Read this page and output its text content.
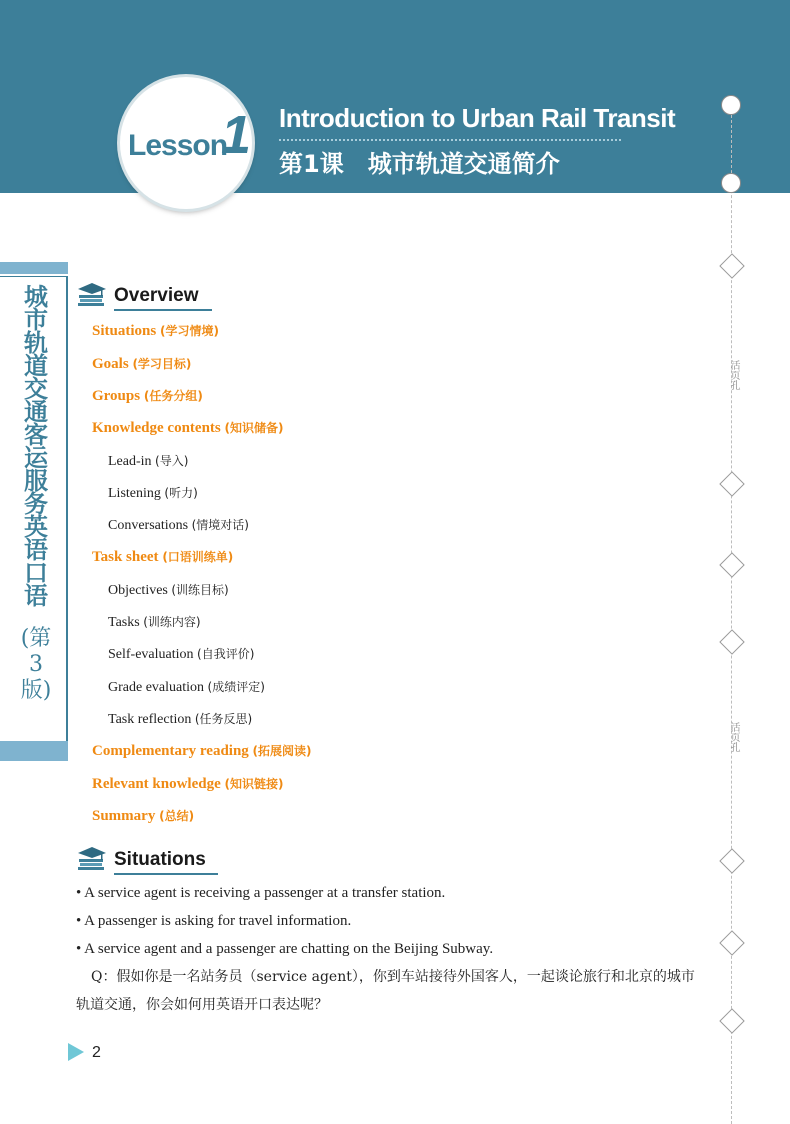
Lesson
1 Introduction to Urban Rail Transit
第1课　城市轨道交通简介
活页孔
活页孔
城市轨道交通客运服务英语口语
(第3版)
Overview
Situations (学习情境)
Goals (学习目标)
Groups (任务分组)
Knowledge contents (知识储备)
Lead-in (导入)
Listening (听力)
Conversations (情境对话)
Task sheet (口语训练单)
Objectives (训练目标)
Tasks (训练内容)
Self-evaluation (自我评价)
Grade evaluation (成绩评定)
Task reflection (任务反思)
Complementary reading (拓展阅读)
Relevant knowledge (知识链接)
Summary (总结)
Situations
• A service agent is receiving a passenger at a transfer station.
• A passenger is asking for travel information.
• A service agent and a passenger are chatting on the Beijing Subway.
Q：假如你是一名站务员（service agent），你到车站接待外国客人，一起谈论旅行和北京的城市轨道交通，你会如何用英语开口表达呢？
2
